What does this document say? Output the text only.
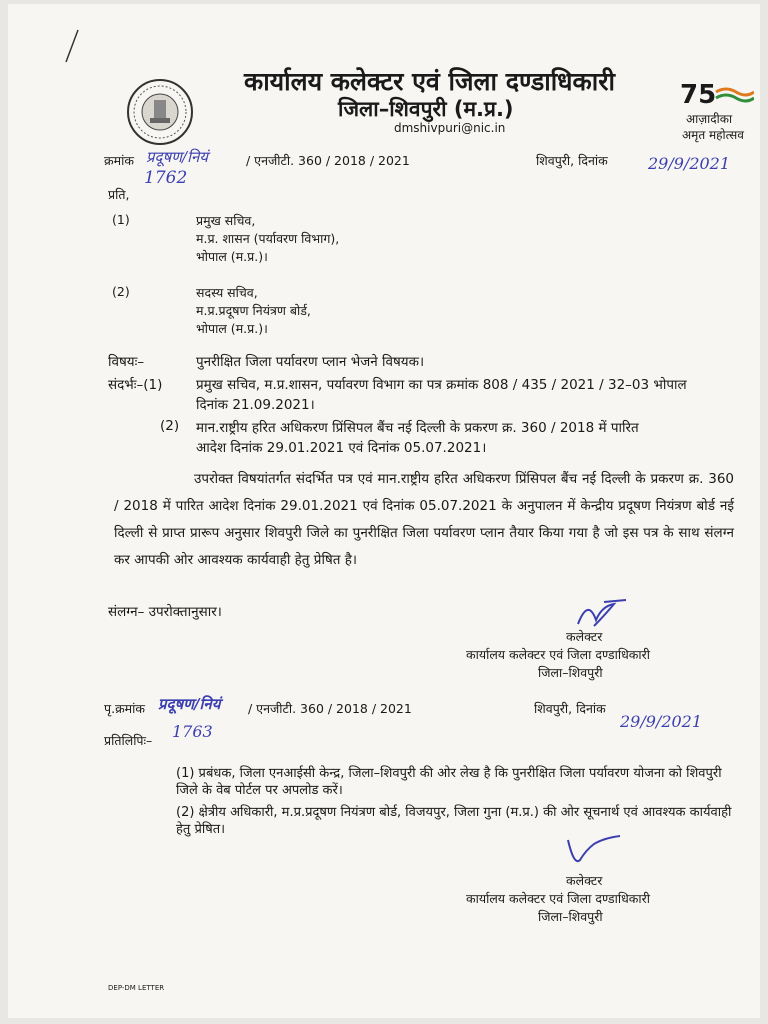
कार्यालय कलेक्टर एवं जिला दण्डाधिकारी
जिला–शिवपुरी (म.प्र.)
dmshivpuri@nic.in
75
आज़ादीका
अमृत महोत्सव
क्रमांक प्रदूषण/नियं	/ एनजीटी. 360 / 2018 / 2021	शिवपुरी, दिनांक	29/9/2021
1762
प्रति,
(1)	प्रमुख सचिव,
म.प्र. शासन (पर्यावरण विभाग),
भोपाल (म.प्र.)।
(2)	सदस्य सचिव,
म.प्र.प्रदूषण नियंत्रण बोर्ड,
भोपाल (म.प्र.)।
विषयः–	पुनरीक्षित जिला पर्यावरण प्लान भेजने विषयक।
संदर्भः–(1) प्रमुख सचिव, म.प्र.शासन, पर्यावरण विभाग का पत्र क्रमांक 808 / 435 / 2021 / 32–03 भोपाल
दिनांक 21.09.2021।
(2) मान.राष्ट्रीय हरित अधिकरण प्रिंसिपल बैंच नई दिल्ली के प्रकरण क्र. 360 / 2018 में पारित
आदेश दिनांक 29.01.2021 एवं दिनांक 05.07.2021।
उपरोक्त विषयांतर्गत संदर्भित पत्र एवं मान.राष्ट्रीय हरित अधिकरण प्रिंसिपल बैंच नई दिल्ली के प्रकरण क्र. 360 / 2018 में पारित आदेश दिनांक 29.01.2021 एवं दिनांक 05.07.2021 के अनुपालन में केन्द्रीय प्रदूषण नियंत्रण बोर्ड नई दिल्ली से प्राप्त प्रारूप अनुसार शिवपुरी जिले का पुनरीक्षित जिला पर्यावरण प्लान तैयार किया गया है जो इस पत्र के साथ संलग्न कर आपकी ओर आवश्यक कार्यवाही हेतु प्रेषित है।
संलग्न– उपरोक्तानुसार।
कलेक्टर
कार्यालय कलेक्टर एवं जिला दण्डाधिकारी
जिला–शिवपुरी
पृ.क्रमांक प्रदूषण/नियं / एनजीटी. 360 / 2018 / 2021	शिवपुरी, दिनांक
29/9/2021
प्रतिलिपिः– 1763
(1) प्रबंधक, जिला एनआईसी केन्द्र, जिला–शिवपुरी की ओर लेख है कि पुनरीक्षित जिला पर्यावरण योजना को शिवपुरी जिले के वेब पोर्टल पर अपलोड करें।
(2) क्षेत्रीय अधिकारी, म.प्र.प्रदूषण नियंत्रण बोर्ड, विजयपुर, जिला गुना (म.प्र.) की ओर सूचनार्थ एवं आवश्यक कार्यवाही हेतु प्रेषित।
कलेक्टर
कार्यालय कलेक्टर एवं जिला दण्डाधिकारी
जिला–शिवपुरी
DEP-DM LETTER
